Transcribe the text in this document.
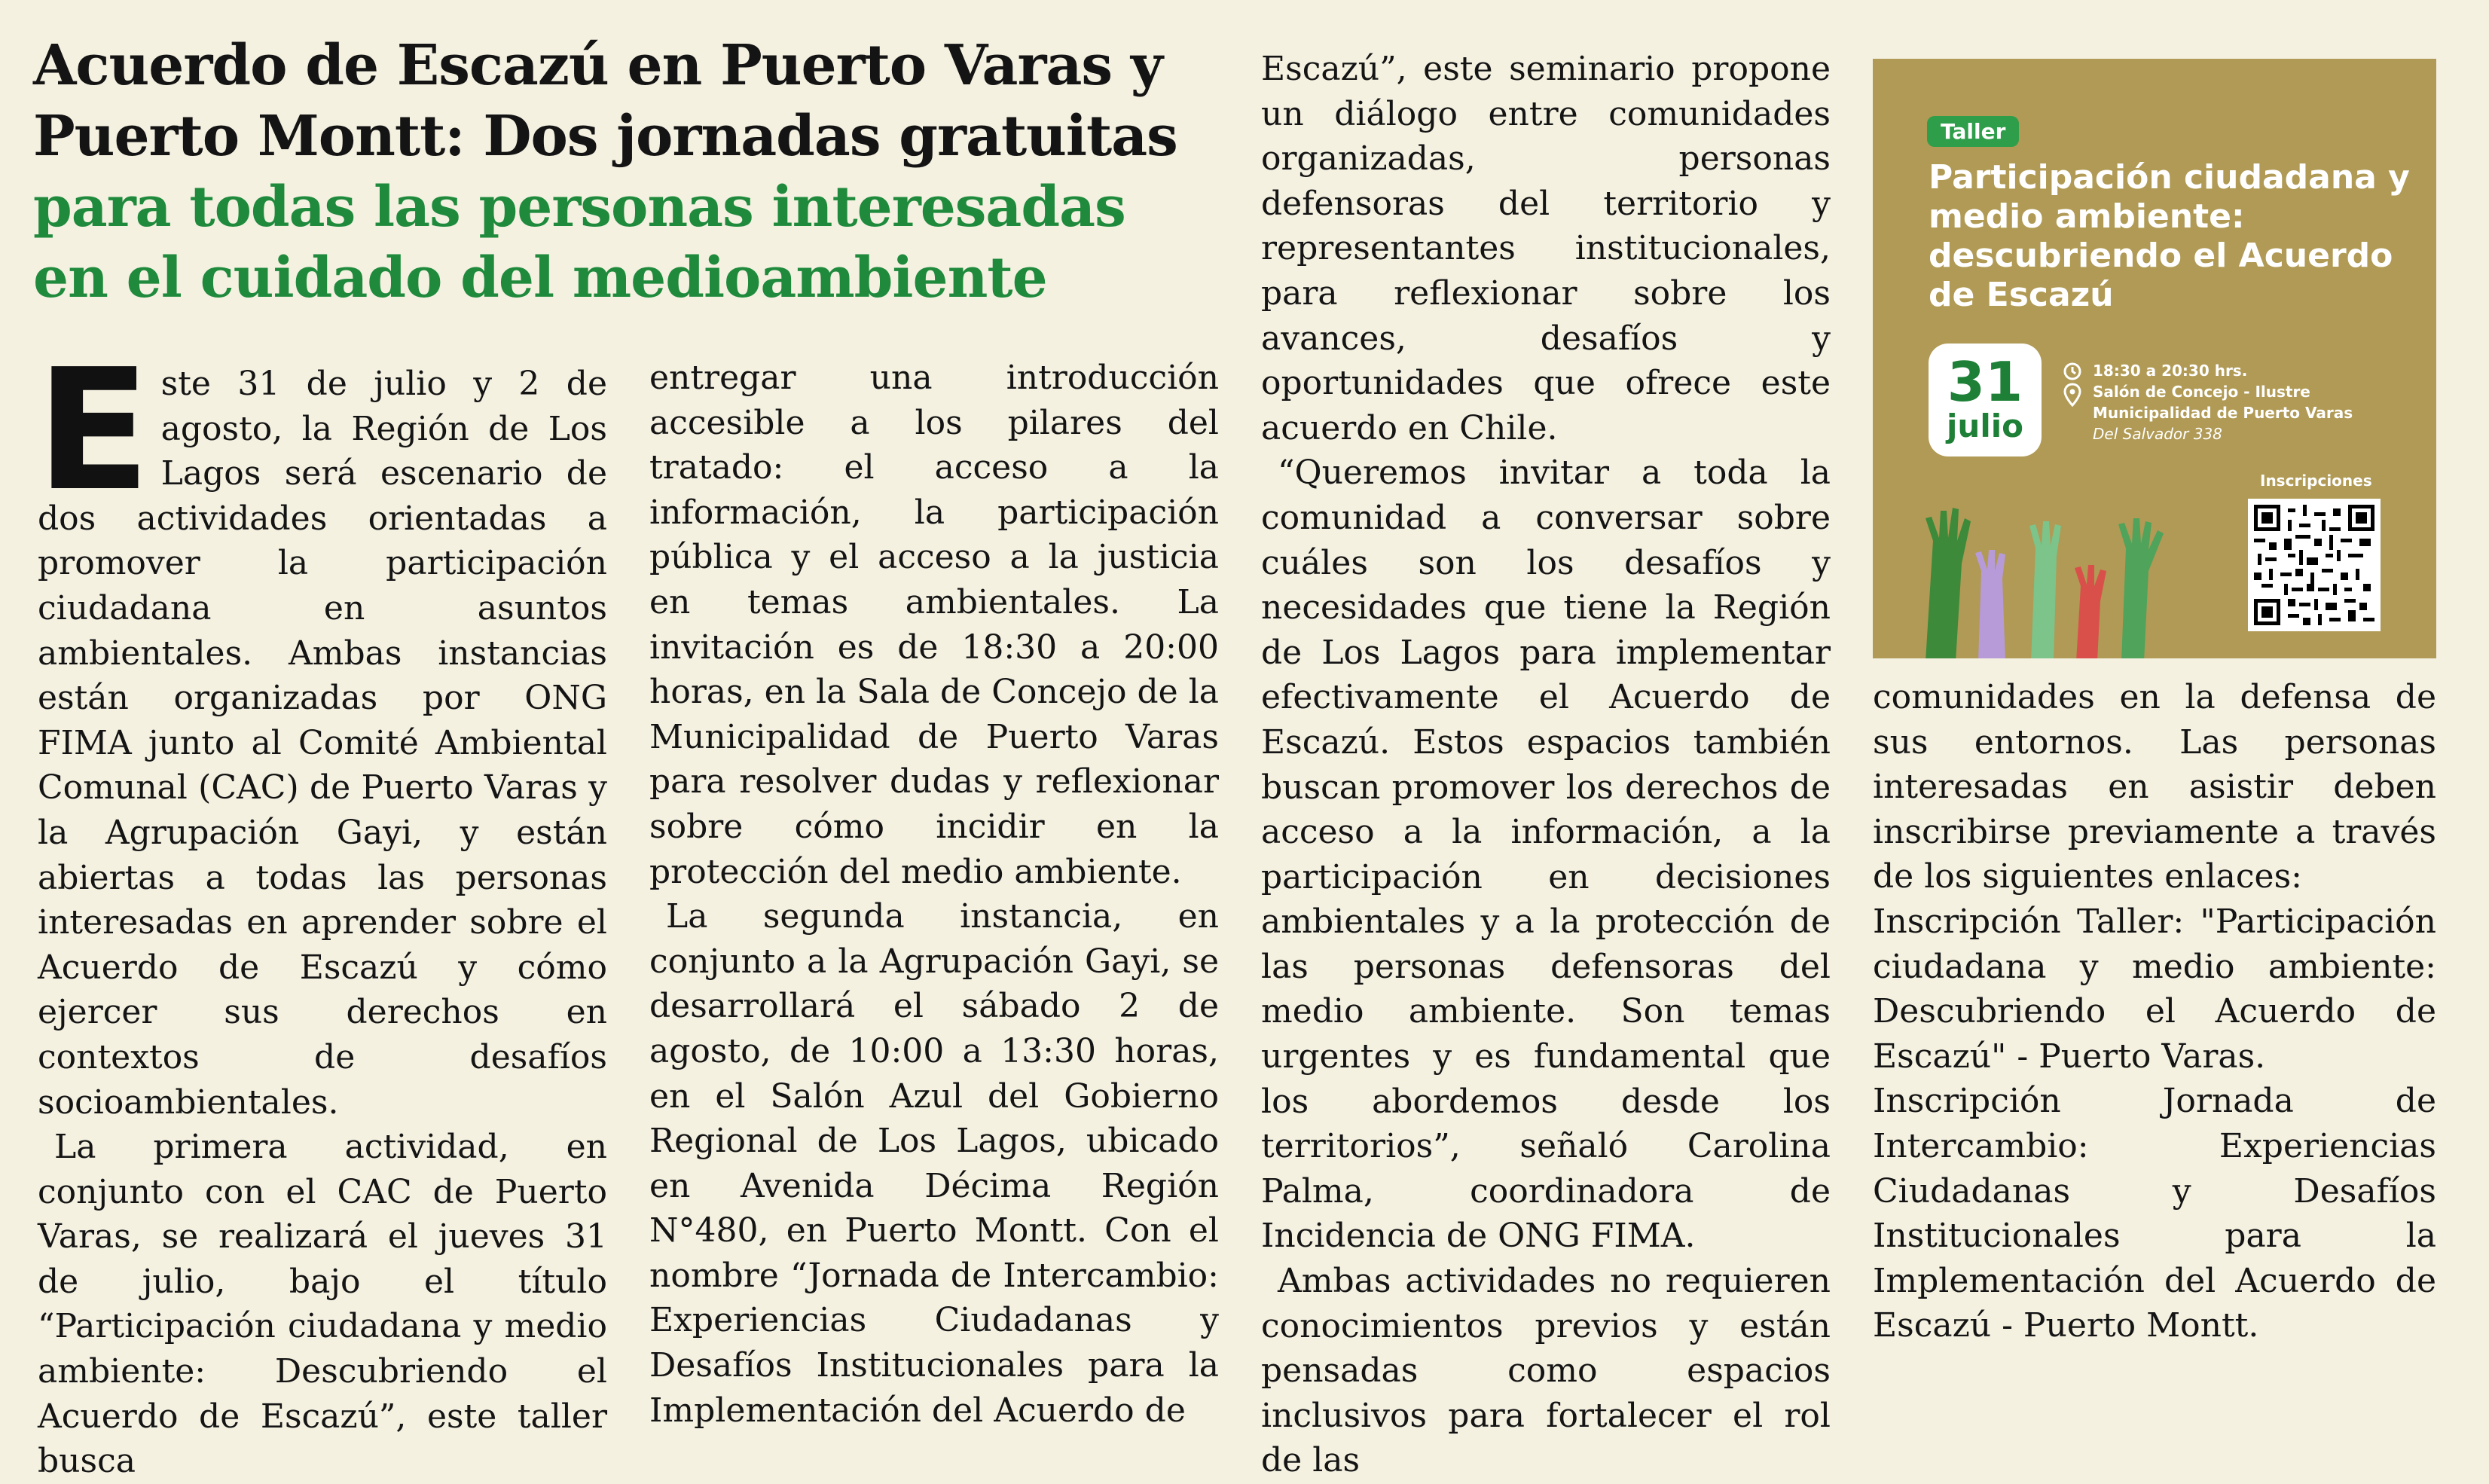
Acuerdo de Escazú en Puerto Varas y
Puerto Montt: Dos jornadas gratuitas
para todas las personas interesadas
en el cuidado del medioambiente

Este 31 de julio y 2 de agosto, la Región de Los Lagos será escenario de dos actividades orientadas a promover la participación ciudadana en asuntos ambientales. Ambas instancias están organizadas por ONG FIMA junto al Comité Ambiental Comunal (CAC) de Puerto Varas y la Agrupación Gayi, y están abiertas a todas las personas interesadas en aprender sobre el Acuerdo de Escazú y cómo ejercer sus derechos en contextos de desafíos socioambientales.

La primera actividad, en conjunto con el CAC de Puerto Varas, se realizará el jueves 31 de julio, bajo el título “Participación ciudadana y medio ambiente: Descubriendo el Acuerdo de Escazú”, este taller busca

entregar una introducción accesible a los pilares del tratado: el acceso a la información, la participación pública y el acceso a la justicia en temas ambientales. La invitación es de 18:30 a 20:00 horas, en la Sala de Concejo de la Municipalidad de Puerto Varas para resolver dudas y reflexionar sobre cómo incidir en la protección del medio ambiente.

La segunda instancia, en conjunto a la Agrupación Gayi, se desarrollará el sábado 2 de agosto, de 10:00 a 13:30 horas, en el Salón Azul del Gobierno Regional de Los Lagos, ubicado en Avenida Décima Región N°480, en Puerto Montt. Con el nombre “Jornada de Intercambio: Experiencias Ciudadanas y Desafíos Institucionales para la Implementación del Acuerdo de

Escazú”, este seminario propone un diálogo entre comunidades organizadas, personas defensoras del territorio y representantes institucionales, para reflexionar sobre los avances, desafíos y oportunidades que ofrece este acuerdo en Chile.

“Queremos invitar a toda la comunidad a conversar sobre cuáles son los desafíos y necesidades que tiene la Región de Los Lagos para implementar efectivamente el Acuerdo de Escazú. Estos espacios también buscan promover los derechos de acceso a la información, a la participación en decisiones ambientales y a la protección de las personas defensoras del medio ambiente. Son temas urgentes y es fundamental que los abordemos desde los territorios”, señaló Carolina Palma, coordinadora de Incidencia de ONG FIMA.

Ambas actividades no requieren conocimientos previos y están pensadas como espacios inclusivos para fortalecer el rol de las

Taller
Participación ciudadana y medio ambiente: descubriendo el Acuerdo de Escazú
31
julio
18:30 a 20:30 hrs.
Salón de Concejo - Ilustre Municipalidad de Puerto Varas
Del Salvador 338
Inscripciones

comunidades en la defensa de sus entornos. Las personas interesadas en asistir deben inscribirse previamente a través de los siguientes enlaces:

Inscripción Taller: "Participación ciudadana y medio ambiente: Descubriendo el Acuerdo de Escazú" - Puerto Varas.

Inscripción Jornada de Intercambio: Experiencias Ciudadanas y Desafíos Institucionales para la Implementación del Acuerdo de Escazú - Puerto Montt.
